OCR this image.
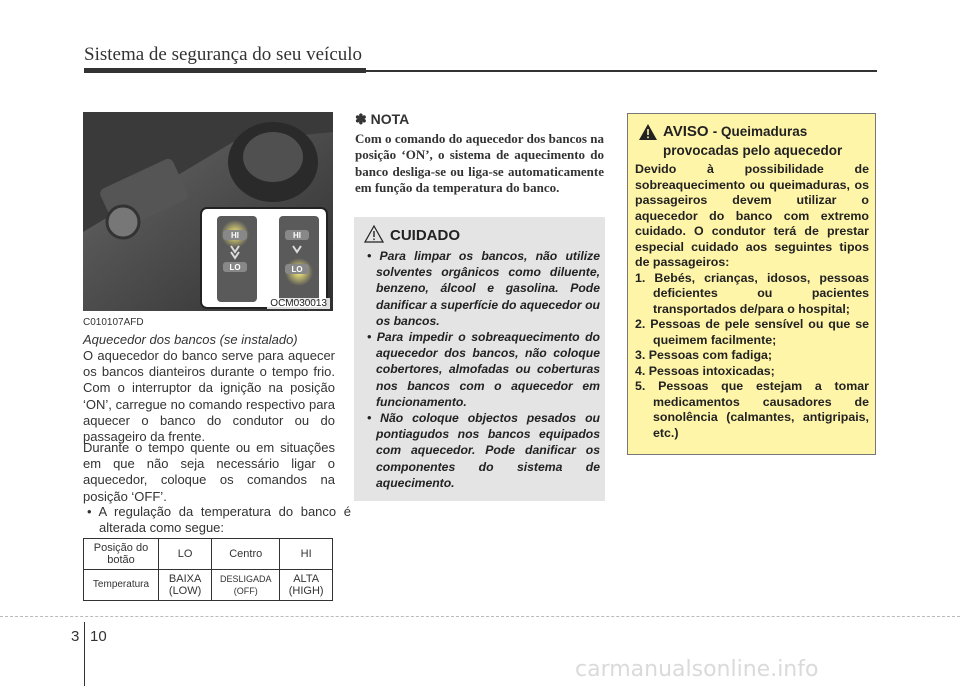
Sistema de segurança do seu veículo
HI
LO
HI
LO
OCM030013
C010107AFD
Aquecedor dos bancos (se instalado)
O aquecedor do banco serve para aquecer os bancos dianteiros durante o tempo frio. Com o interruptor da ignição na posição ‘ON’, carregue no comando respectivo para aquecer o banco do condutor ou do passageiro da frente.
Durante o tempo quente ou em situações em que não seja necessário ligar o aquecedor, coloque os comandos na posição ‘OFF’.
• A regulação da temperatura do banco é alterada como segue:
Posição do botão	LO	Centro	HI
Temperatura	BAIXA (LOW)	DESLIGADA (OFF)	ALTA (HIGH)
✽ NOTA
Com o comando do aquecedor dos bancos na posição ‘ON’, o sistema de aquecimento do banco desliga-se ou liga-se automaticamente em função da temperatura do banco.
CUIDADO
• Para limpar os bancos, não utilize solventes orgânicos como diluente, benzeno, álcool e gasolina. Pode danificar a superfície do aquecedor ou os bancos.
• Para impedir o sobreaquecimento do aquecedor dos bancos, não coloque cobertores, almofadas ou coberturas nos bancos com o aquecedor em funcionamento.
• Não coloque objectos pesados ou pontiagudos nos bancos equipados com aquecedor. Pode danificar os componentes do sistema de aquecimento.
AVISO - Queimaduras
provocadas pelo aquecedor
Devido à possibilidade de sobreaquecimento ou queimaduras, os passageiros devem utilizar o aquecedor do banco com extremo cuidado. O condutor terá de prestar especial cuidado aos seguintes tipos de passageiros:
1. Bebés, crianças, idosos, pessoas deficientes ou pacientes transportados de/para o hospital;
2. Pessoas de pele sensível ou que se queimem facilmente;
3. Pessoas com fadiga;
4. Pessoas intoxicadas;
5. Pessoas que estejam a tomar medicamentos causadores de sonolência (calmantes, antigripais, etc.)
3 10
carmanualsonline.info
